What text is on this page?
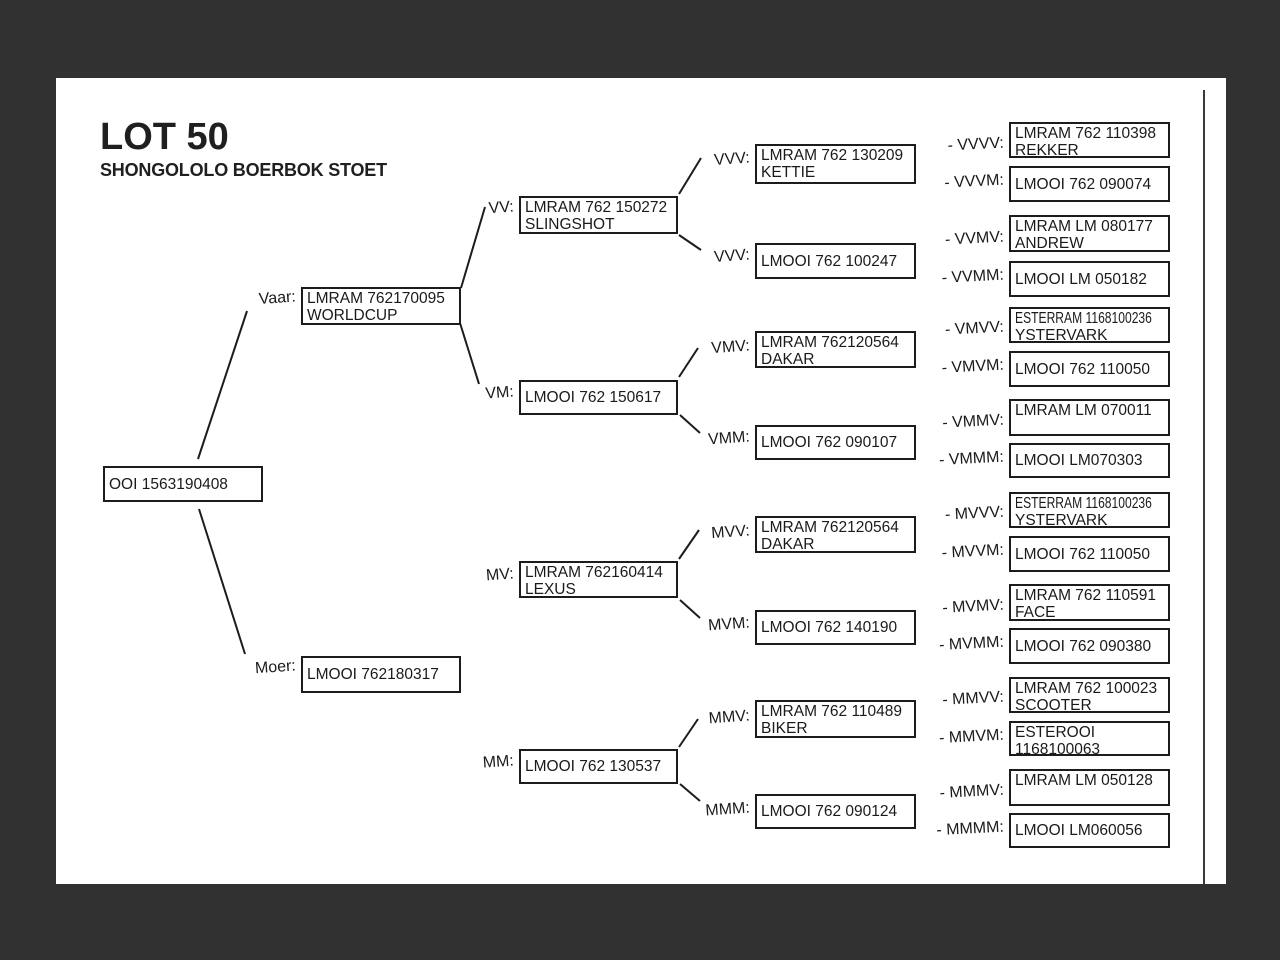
LOT 50
SHONGOLOLO BOERBOK STOET
OOI 1563190408
Vaar: LMRAM 762170095
WORLDCUP
Moer: LMOOI 762180317
VV: LMRAM 762 150272
SLINGSHOT
VM: LMOOI 762 150617
MV: LMRAM 762160414
LEXUS
MM: LMOOI 762 130537
VVV: LMRAM 762 130209
KETTIE
VVV: LMOOI 762 100247
VMV: LMRAM 762120564
DAKAR
VMM: LMOOI 762 090107
MVV: LMRAM 762120564
DAKAR
MVM: LMOOI 762 140190
MMV: LMRAM 762 110489
BIKER
MMM: LMOOI 762 090124
- VVVV:
LMRAM 762 110398
REKKER
- VVVM: LMOOI 762 090074
- VVMV:
LMRAM LM 080177
ANDREW
- VVMM: LMOOI LM 050182
- VMVV:
ESTERRAM 1168100236
YSTERVARK
- VMVM: LMOOI 762 110050
- VMMV:
LMRAM LM 070011
- VMMM: LMOOI LM070303
- MVVV:
ESTERRAM 1168100236
YSTERVARK
- MVVM: LMOOI 762 110050
- MVMV:
LMRAM 762 110591
FACE
- MVMM: LMOOI 762 090380
- MMVV:
LMRAM 762 100023
SCOOTER
- MMVM: ESTEROOI
1168100063
- MMMV:
LMRAM LM 050128
- MMMM: LMOOI LM060056
